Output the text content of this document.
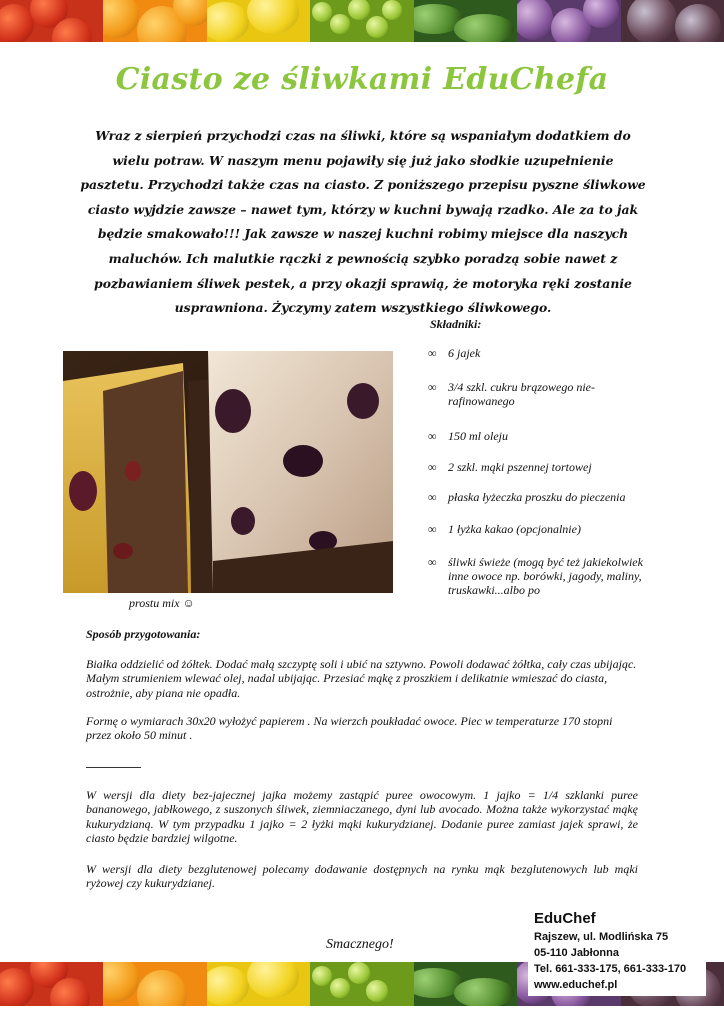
Ciasto ze śliwkami EduChefa

Wraz z sierpień przychodzi czas na śliwki, które są wspaniałym dodatkiem do wielu potraw. W naszym menu pojawiły się już jako słodkie uzupełnienie pasztetu. Przychodzi także czas na ciasto. Z poniższego przepisu pyszne śliwkowe ciasto wyjdzie zawsze – nawet tym, którzy w kuchni bywają rzadko. Ale za to jak będzie smakowało!!! Jak zawsze w naszej kuchni robimy miejsce dla naszych maluchów. Ich malutkie rączki z pewnością szybko poradzą sobie nawet z pozbawianiem śliwek pestek, a przy okazji sprawią, że motoryka ręki zostanie usprawniona. Życzymy zatem wszystkiego śliwkowego.

prostu mix ☺
Składniki:
∞ 6 jajek
∞ 3/4 szkl. cukru brązowego nie-rafinowanego
∞ 150 ml oleju
∞ 2 szkl. mąki pszennej tortowej
∞ płaska łyżeczka proszku do pieczenia
∞ 1 łyżka kakao (opcjonalnie)
∞ śliwki świeże (mogą być też jakiekolwiek inne owoce np. borówki, jagody, maliny, truskawki...albo po
Sposób przygotowania:

Białka oddzielić od żółtek. Dodać małą szczyptę soli i ubić na sztywno. Powoli dodawać żółtka, cały czas ubijając. Małym strumieniem wlewać olej, nadal ubijając. Przesiać mąkę z proszkiem i delikatnie wmieszać do ciasta, ostrożnie, aby piana nie opadła.

Formę o wymiarach 30x20 wyłożyć papierem . Na wierzch poukładać owoce. Piec w temperaturze 170 stopni przez około 50 minut .

W wersji dla diety bez-jajecznej jajka możemy zastąpić puree owocowym. 1 jajko = 1/4 szklanki puree bananowego, jabłkowego, z suszonych śliwek, ziemniaczanego, dyni lub avocado. Można także wykorzystać mąkę kukurydzianą. W tym przypadku 1 jajko = 2 łyżki mąki kukurydzianej. Dodanie puree zamiast jajek sprawi, że ciasto będzie bardziej wilgotne.

W wersji dla diety bezglutenowej polecamy dodawanie dostępnych na rynku mąk bezglutenowych lub mąki ryżowej czy kukurydzianej.

Smacznego!
EduChef
Rajszew, ul. Modlińska 75
05-110 Jabłonna
Tel. 661-333-175, 661-333-170
www.educhef.pl
